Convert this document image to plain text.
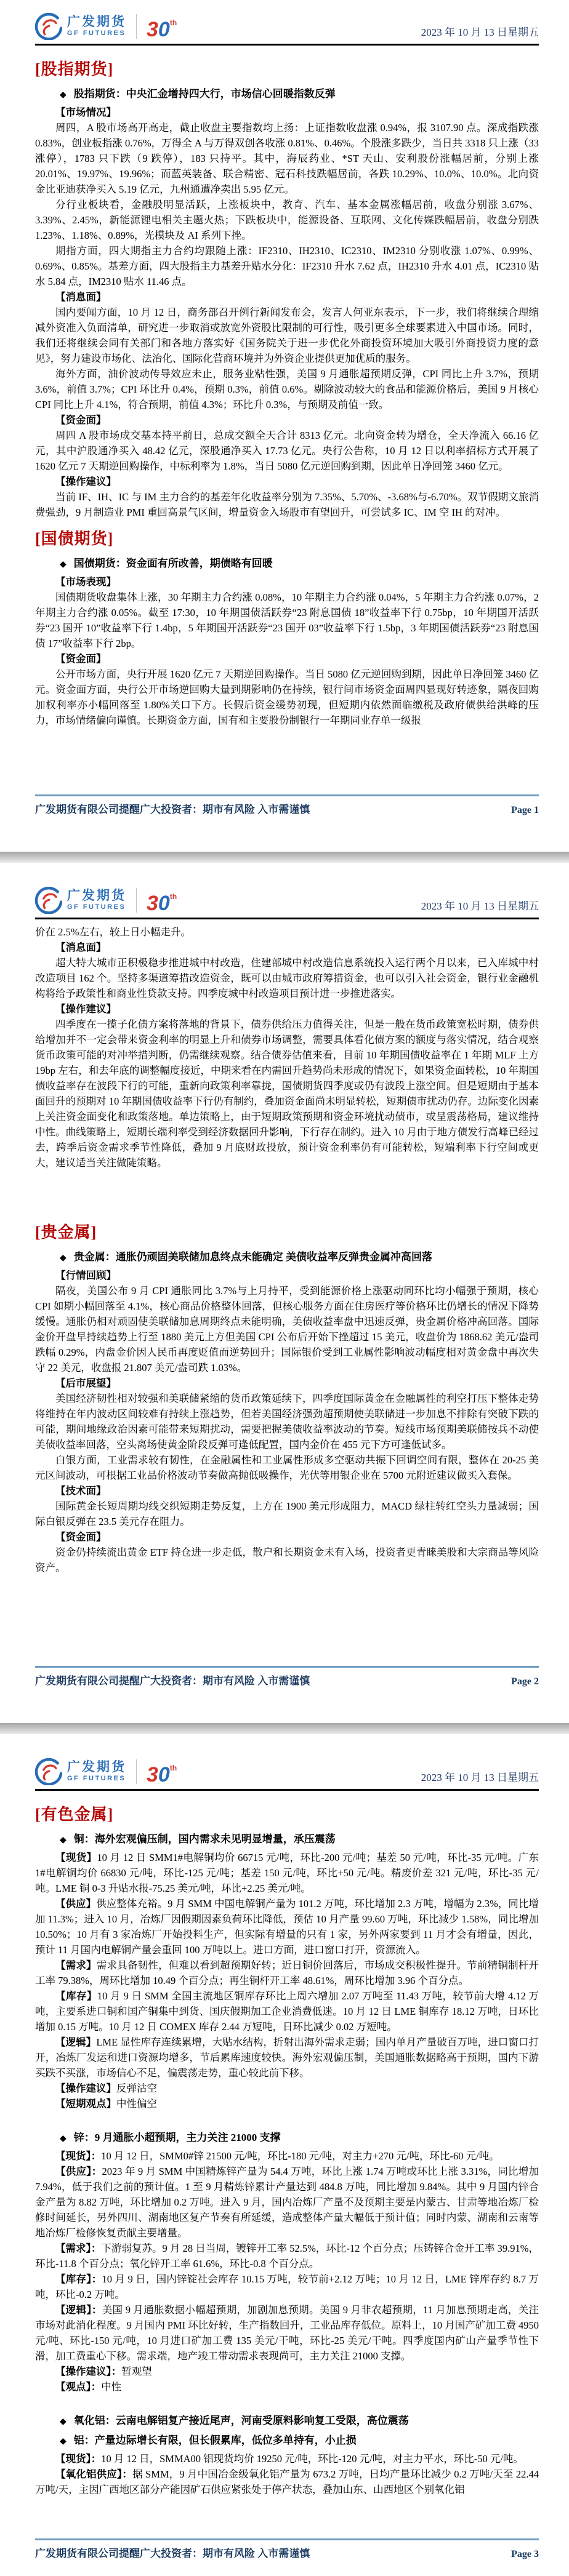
广发期货
GF FUTURES 30th
2023 年 10 月 13 日星期五
[股指期货]
◆ 股指期货：中央汇金增持四大行，市场信心回暖指数反弹
【市场情况】

周四，A 股市场高开高走，截止收盘主要指数均上扬：上证指数收盘涨 0.94%，报 3107.90 点。深成指跌涨 0.83%，创业板指涨 0.76%，万得全 A 与万得双创各收涨 0.81%、0.46%。个股涨多跌少，当日共 3318 只上涨（33 涨停），1783 只下跌（9 跌停），183 只持平。其中，海辰药业、*ST 天山、安利股份涨幅居前，分别上涨 20.01%、19.97%、19.96%；而蓝英装备、联合精密、冠石科技跌幅居前，各跌 10.29%、10.0%、10.0%。北向资金比亚迪获净买入 5.19 亿元，九州通遭净卖出 5.95 亿元。

分行业板块看，金融股明显活跃，上涨板块中，教育、汽车、基本金属涨幅居前，收盘分别涨 3.67%、3.39%、2.45%，新能源锂电相关主题火热；下跌板块中，能源设备、互联网、文化传媒跌幅居前，收盘分别跌 1.23%、1.18%、0.89%，光模块及 AI 系列下挫。

期指方面，四大期指主力合约均跟随上涨：IF2310、IH2310、IC2310、IM2310 分别收涨 1.07%、0.99%、0.69%、0.85%。基差方面，四大股指主力基差升贴水分化：IF2310 升水 7.62 点，IH2310 升水 4.01 点，IC2310 贴水 5.84 点，IM2310 贴水 11.46 点。

【消息面】

国内要闻方面，10 月 12 日，商务部召开例行新闻发布会，发言人何亚东表示，下一步，我们将继续合理缩减外资准入负面清单，研究进一步取消或放宽外资股比限制的可行性，吸引更多全球要素进入中国市场。同时，我们还将继续会同有关部门和各地方落实好《国务院关于进一步优化外商投资环境加大吸引外商投资力度的意见》，努力建设市场化、法治化、国际化营商环境并为外资企业提供更加优质的服务。

海外方面，油价波动传导效应未止，服务业粘性强，美国 9 月通胀超预期反弹，CPI 同比上升 3.7%，预期 3.6%，前值 3.7%；CPI 环比升 0.4%，预期 0.3%，前值 0.6%。剔除波动较大的食品和能源价格后，美国 9 月核心 CPI 同比上升 4.1%，符合预期，前值 4.3%；环比升 0.3%，与预期及前值一致。

【资金面】

周四 A 股市场成交基本持平前日，总成交额全天合计 8313 亿元。北向资金转为增仓，全天净流入 66.16 亿元，其中沪股通净买入 48.42 亿元，深股通净买入 17.73 亿元。央行公告称，10 月 12 日以利率招标方式开展了 1620 亿元 7 天期逆回购操作，中标利率为 1.8%，当日 5080 亿元逆回购到期，因此单日净回笼 3460 亿元。

【操作建议】

当前 IF、IH、IC 与 IM 主力合约的基差年化收益率分别为 7.35%、5.70%、-3.68%与-6.70%。双节假期文旅消费强劲，9 月制造业 PMI 重回高景气区间，增量资金入场股市有望回升，可尝试多 IC、IM 空 IH 的对冲。

[国债期货]
◆ 国债期货：资金面有所改善，期债略有回暖
【市场表现】

国债期货收盘集体上涨，30 年期主力合约涨 0.08%，10 年期主力合约涨 0.04%，5 年期主力合约涨 0.07%，2 年期主力合约涨 0.05%。截至 17:30，10 年期国债活跃券“23 附息国债 18”收益率下行 0.75bp，10 年期国开活跃券“23 国开 10”收益率下行 1.4bp，5 年期国开活跃券“23 国开 03”收益率下行 1.5bp，3 年期国债活跃券“23 附息国债 17”收益率下行 2bp。

【资金面】

公开市场方面，央行开展 1620 亿元 7 天期逆回购操作。当日 5080 亿元逆回购到期，因此单日净回笼 3460 亿元。资金面方面，央行公开市场逆回购大量到期影响仍在持续，银行间市场资金面周四显现好转迹象，隔夜回购加权利率亦小幅回落至 1.80%关口下方。长假后资金缓势初现，但短期内依然面临缴税及政府债供给洪峰的压力，市场情绪偏向谨慎。长期资金方面，国有和主要股份制银行一年期同业存单一级报

广发期货有限公司提醒广大投资者：期市有风险 入市需谨慎	Page 1
广发期货
GF FUTURES 30th
2023 年 10 月 13 日星期五

价在 2.5%左右，较上日小幅走升。

【消息面】

超大特大城市正积极稳步推进城中村改造，住建部城中村改造信息系统投入运行两个月以来，已入库城中村改造项目 162 个。坚持多渠道筹措改造资金，既可以由城市政府筹措资金，也可以引入社会资金，银行业金融机构将给予政策性和商业性贷款支持。四季度城中村改造项目预计进一步推进落实。

【操作建议】

四季度在一揽子化债方案将落地的背景下，债券供给压力值得关注，但是一般在货币政策宽松时期，债券供给增加并不一定会带来资金利率的明显上升和债券市场调整，需要具体看化债方案的额度与落实情况，结合观察货币政策可能的对冲举措判断，仍需继续观察。结合债券估值来看，目前 10 年期国债收益率在 1 年期 MLF 上方 19bp 左右，和去年底的调整幅度接近，中期来看在内需回升趋势尚未形成的情况下，如果资金面转松，10 年期国债收益率存在波段下行的可能，重新向政策利率靠拢，国债期货四季度或仍有波段上涨空间。但是短期由于基本面回升的预期对 10 年期国债收益率下行仍有制约，叠加资金面尚未明显转松，短期债市扰动仍存。边际变化因素上关注资金面变化和政策落地。单边策略上，由于短期政策预期和资金环境扰动债市，或呈震荡格局，建议维持中性。曲线策略上，短期长端利率受到经济数据回升影响，下行存在制约。进入 10 月由于地方债发行高峰已经过去，跨季后资金需求季节性降低，叠加 9 月底财政投放，预计资金利率仍有可能转松，短端利率下行空间或更大，建议适当关注做陡策略。

[贵金属]
◆ 贵金属：通胀仍顽固美联储加息终点未能确定 美债收益率反弹贵金属冲高回落
【行情回顾】

隔夜，美国公布 9 月 CPI 通胀同比 3.7%与上月持平，受到能源价格上涨驱动同环比均小幅强于预期，核心 CPI 如期小幅回落至 4.1%，核心商品价格整体回落，但核心服务方面在住房医疗等价格环比仍增长的情况下降势缓慢。通胀仍相对顽固使美联储加息周期终点未能明确，美债收益率盘中迅速反弹，贵金属价格冲高回落。国际金价开盘早持续趋势上行至 1880 美元上方但美国 CPI 公布后开始下挫超过 15 美元，收盘价为 1868.62 美元/盎司跌幅 0.29%，内盘金价因人民币再度贬值而逆势回升；国际银价受到工业属性影响波动幅度相对黄金盘中再次失守 22 美元，收盘报 21.807 美元/盎司跌 1.03%。

【后市展望】

美国经济韧性相对较强和美联储紧缩的货币政策延续下，四季度国际黄金在金融属性的利空打压下整体走势将维持在年内波动区间较难有持续上涨趋势，但若美国经济强劲超预期使美联储进一步加息不排除有突破下跌的可能，期间地缘政治因素可能带来短期扰动，需要把握美债收益率波动的节奏。短线市场预期美联储按兵不动使美债收益率回落，空头离场使黄金阶段反弹可逢低配置，国内金价在 455 元下方可逢低试多。

白银方面，工业需求较有韧性，在金融属性和工业属性形成多空驱动共振下回调空间有限，整体在 20-25 美元区间波动，可根据工业品价格波动节奏做高抛低吸操作，光伏等用银企业在 5700 元附近建议做买入套保。

【技术面】

国际黄金长短周期均线交织短期走势反复，上方在 1900 美元形成阻力，MACD 绿柱转红空头力量减弱；国际白银反弹在 23.5 美元存在阻力。

【资金面】

资金仍持续流出黄金 ETF 持仓进一步走低，散户和长期资金未有入场，投资者更青睐美股和大宗商品等风险资产。

广发期货有限公司提醒广大投资者：期市有风险 入市需谨慎	Page 2
广发期货
GF FUTURES 30th
2023 年 10 月 13 日星期五
[有色金属]
◆ 铜：海外宏观偏压制，国内需求未见明显增量，承压震荡

【现货】10 月 12 日 SMM1#电解铜均价 66715 元/吨，环比-200 元/吨；基差 50 元/吨，环比-35 元/吨。广东 1#电解铜均价 66830 元/吨，环比-125 元/吨；基差 150 元/吨，环比+50 元/吨。精废价差 321 元/吨，环比-35 元/吨。LME 铜 0-3 升贴水报-75.25 美元/吨，环比+2.25 美元/吨。

【供应】供应整体充裕。9 月 SMM 中国电解铜产量为 101.2 万吨，环比增加 2.3 万吨，增幅为 2.3%，同比增加 11.3%；进入 10 月，冶炼厂因假期因素负荷环比降低，预估 10 月产量 99.60 万吨，环比减少 1.58%，同比增加 10.50%；10 月有 3 家冶炼厂开始投料生产，但实际有增量的只有 1 家，另外两家要到 11 月才会有增量，因此，预计 11 月国内电解铜产量会重回 100 万吨以上。进口方面，进口窗口打开，资源流入。

【需求】需求具备韧性，但难以看到超预期好转；近日铜价回落后，市场成交积极性提升。节前精铜制杆开工率 79.38%，周环比增加 10.49 个百分点；再生铜杆开工率 48.61%，周环比增加 3.96 个百分点。

【库存】10 月 9 日 SMM 全国主流地区铜库存环比上周六增加 2.07 万吨至 11.43 万吨，较节前大增 4.12 万吨，主要系进口铜和国产铜集中到货、国庆假期加工企业消费低迷。10 月 12 日 LME 铜库存 18.12 万吨，日环比增加 0.15 万吨。10 月 12 日 COMEX 库存 2.44 万短吨，日环比减少 0.02 万短吨。

【逻辑】LME 显性库存连续累增，大贴水结构，折射出海外需求走弱；国内单月产量破百万吨，进口窗口打开，冶炼厂发运和进口资源均增多，节后累库速度较快。海外宏观偏压制，美国通胀数据略高于预期，国内下游买跌不买涨，市场信心不足，偏震荡走势，重心较此前下移。

【操作建议】反弹沽空

【短期观点】中性偏空

◆ 锌：9 月通胀小超预期，主力关注 21000 支撑

【现货】：10 月 12 日，SMM0#锌 21500 元/吨，环比-180 元/吨，对主力+270 元/吨，环比-60 元/吨。

【供应】：2023 年 9 月 SMM 中国精炼锌产量为 54.4 万吨，环比上涨 1.74 万吨或环比上涨 3.31%，同比增加 7.94%，低于我们之前的预计值。1 至 9 月精炼锌累计产量达到 484.8 万吨，同比增加 9.84%。其中 9 月国内锌合金产量为 8.82 万吨，环比增加 0.2 万吨。进入 9 月，国内冶炼厂产量不及预期主要是内蒙古、甘肃等地冶炼厂检修时间延长，另外四川、湖南地区复产节奏有所延缓，造成整体产量大幅低于预计值；同时内蒙、湖南和云南等地冶炼厂检修恢复贡献主要增量。

【需求】：下游弱复苏。9 月 28 日当周，镀锌开工率 52.5%，环比-12 个百分点；压铸锌合金开工率 39.91%，环比-11.8 个百分点；氧化锌开工率 61.6%，环比-0.8 个百分点。

【库存】：10 月 9 日，国内锌锭社会库存 10.15 万吨，较节前+2.12 万吨；10 月 12 日，LME 锌库存约 8.7 万吨，环比-0.2 万吨。

【逻辑】：美国 9 月通胀数据小幅超预期，加剧加息预期。美国 9 月非农超预期，11 月加息预期走高，关注市场对此消化程度。9 月国内 PMI 环比好转，生产指数回升，工业品库存低位。原料上，10 月国产矿加工费 4950 元/吨、环比-150 元/吨，10 月进口矿加工费 135 美元/干吨，环比-25 美元/干吨。四季度国内矿山产量季节性下滑，加工费重心下移。需求端，地产竣工带动需求表现尚可，主力关注 21000 支撑。

【操作建议】：暂观望

【观点】：中性

◆ 氧化铝：云南电解铝复产接近尾声，河南受原料影响复工受限，高位震荡
◆ 铝：产量边际增长有限，但长假累库，低位多单持有，小止损

【现货】：10 月 12 日，SMMA00 铝现货均价 19250 元/吨，环比-120 元/吨，对主力平水，环比-50 元/吨。

【氧化铝供应】：据 SMM，9 月中国冶金级氧化铝产量为 673.2 万吨，日均产量环比减少 0.2 万吨/天至 22.44 万吨/天，主因广西地区部分产能因矿石供应紧张处于停产状态，叠加山东、山西地区个别氧化铝

广发期货有限公司提醒广大投资者：期市有风险 入市需谨慎	Page 3
